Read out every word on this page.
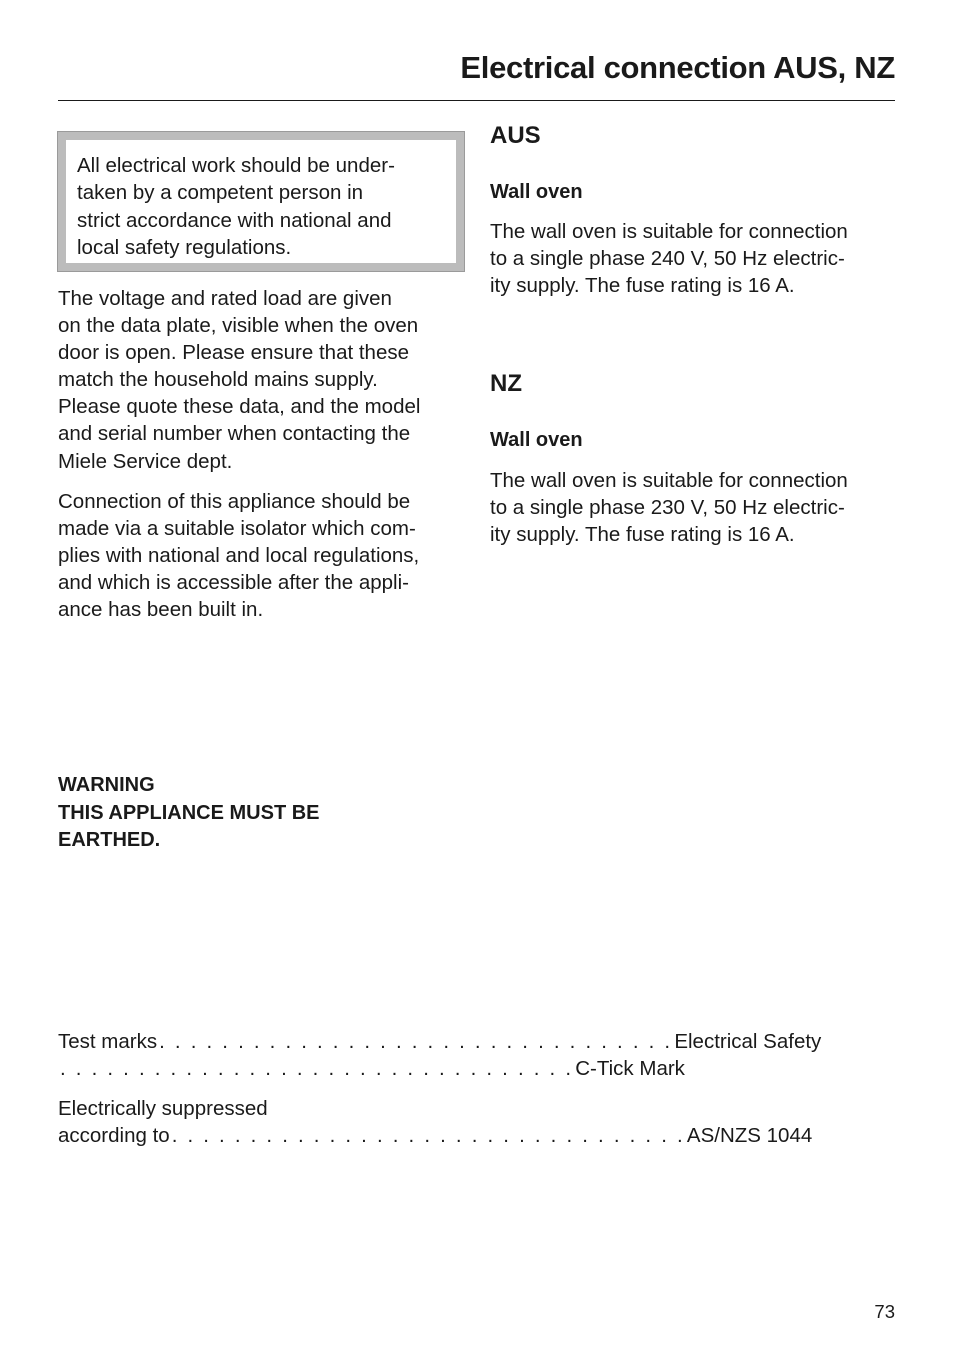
Electrical connection AUS, NZ
All electrical work should be under-
taken by a competent person in
strict accordance with national and
local safety regulations.

The voltage and rated load are given
on the data plate, visible when the oven
door is open. Please ensure that these
match the household mains supply.
Please quote these data, and the model
and serial number when contacting the
Miele Service dept.

Connection of this appliance should be
made via a suitable isolator which com-
plies with national and local regulations,
and which is accessible after the appli-
ance has been built in.

WARNING
THIS APPLIANCE MUST BE
EARTHED.
Test marks . . . . . . . . . . . . . . . . . . . . . . . . . . . . . . . . . Electrical Safety
. . . . . . . . . . . . . . . . . . . . . . . . . . . . . . . . . C-Tick Mark
Electrically suppressed
according to . . . . . . . . . . . . . . . . . . . . . . . . . . . . . . . . . AS/NZS 1044
AUS
Wall oven

The wall oven is suitable for connection
to a single phase 240 V, 50 Hz electric-
ity supply. The fuse rating is 16 A.

NZ
Wall oven

The wall oven is suitable for connection
to a single phase 230 V, 50 Hz electric-
ity supply. The fuse rating is 16 A.

73
